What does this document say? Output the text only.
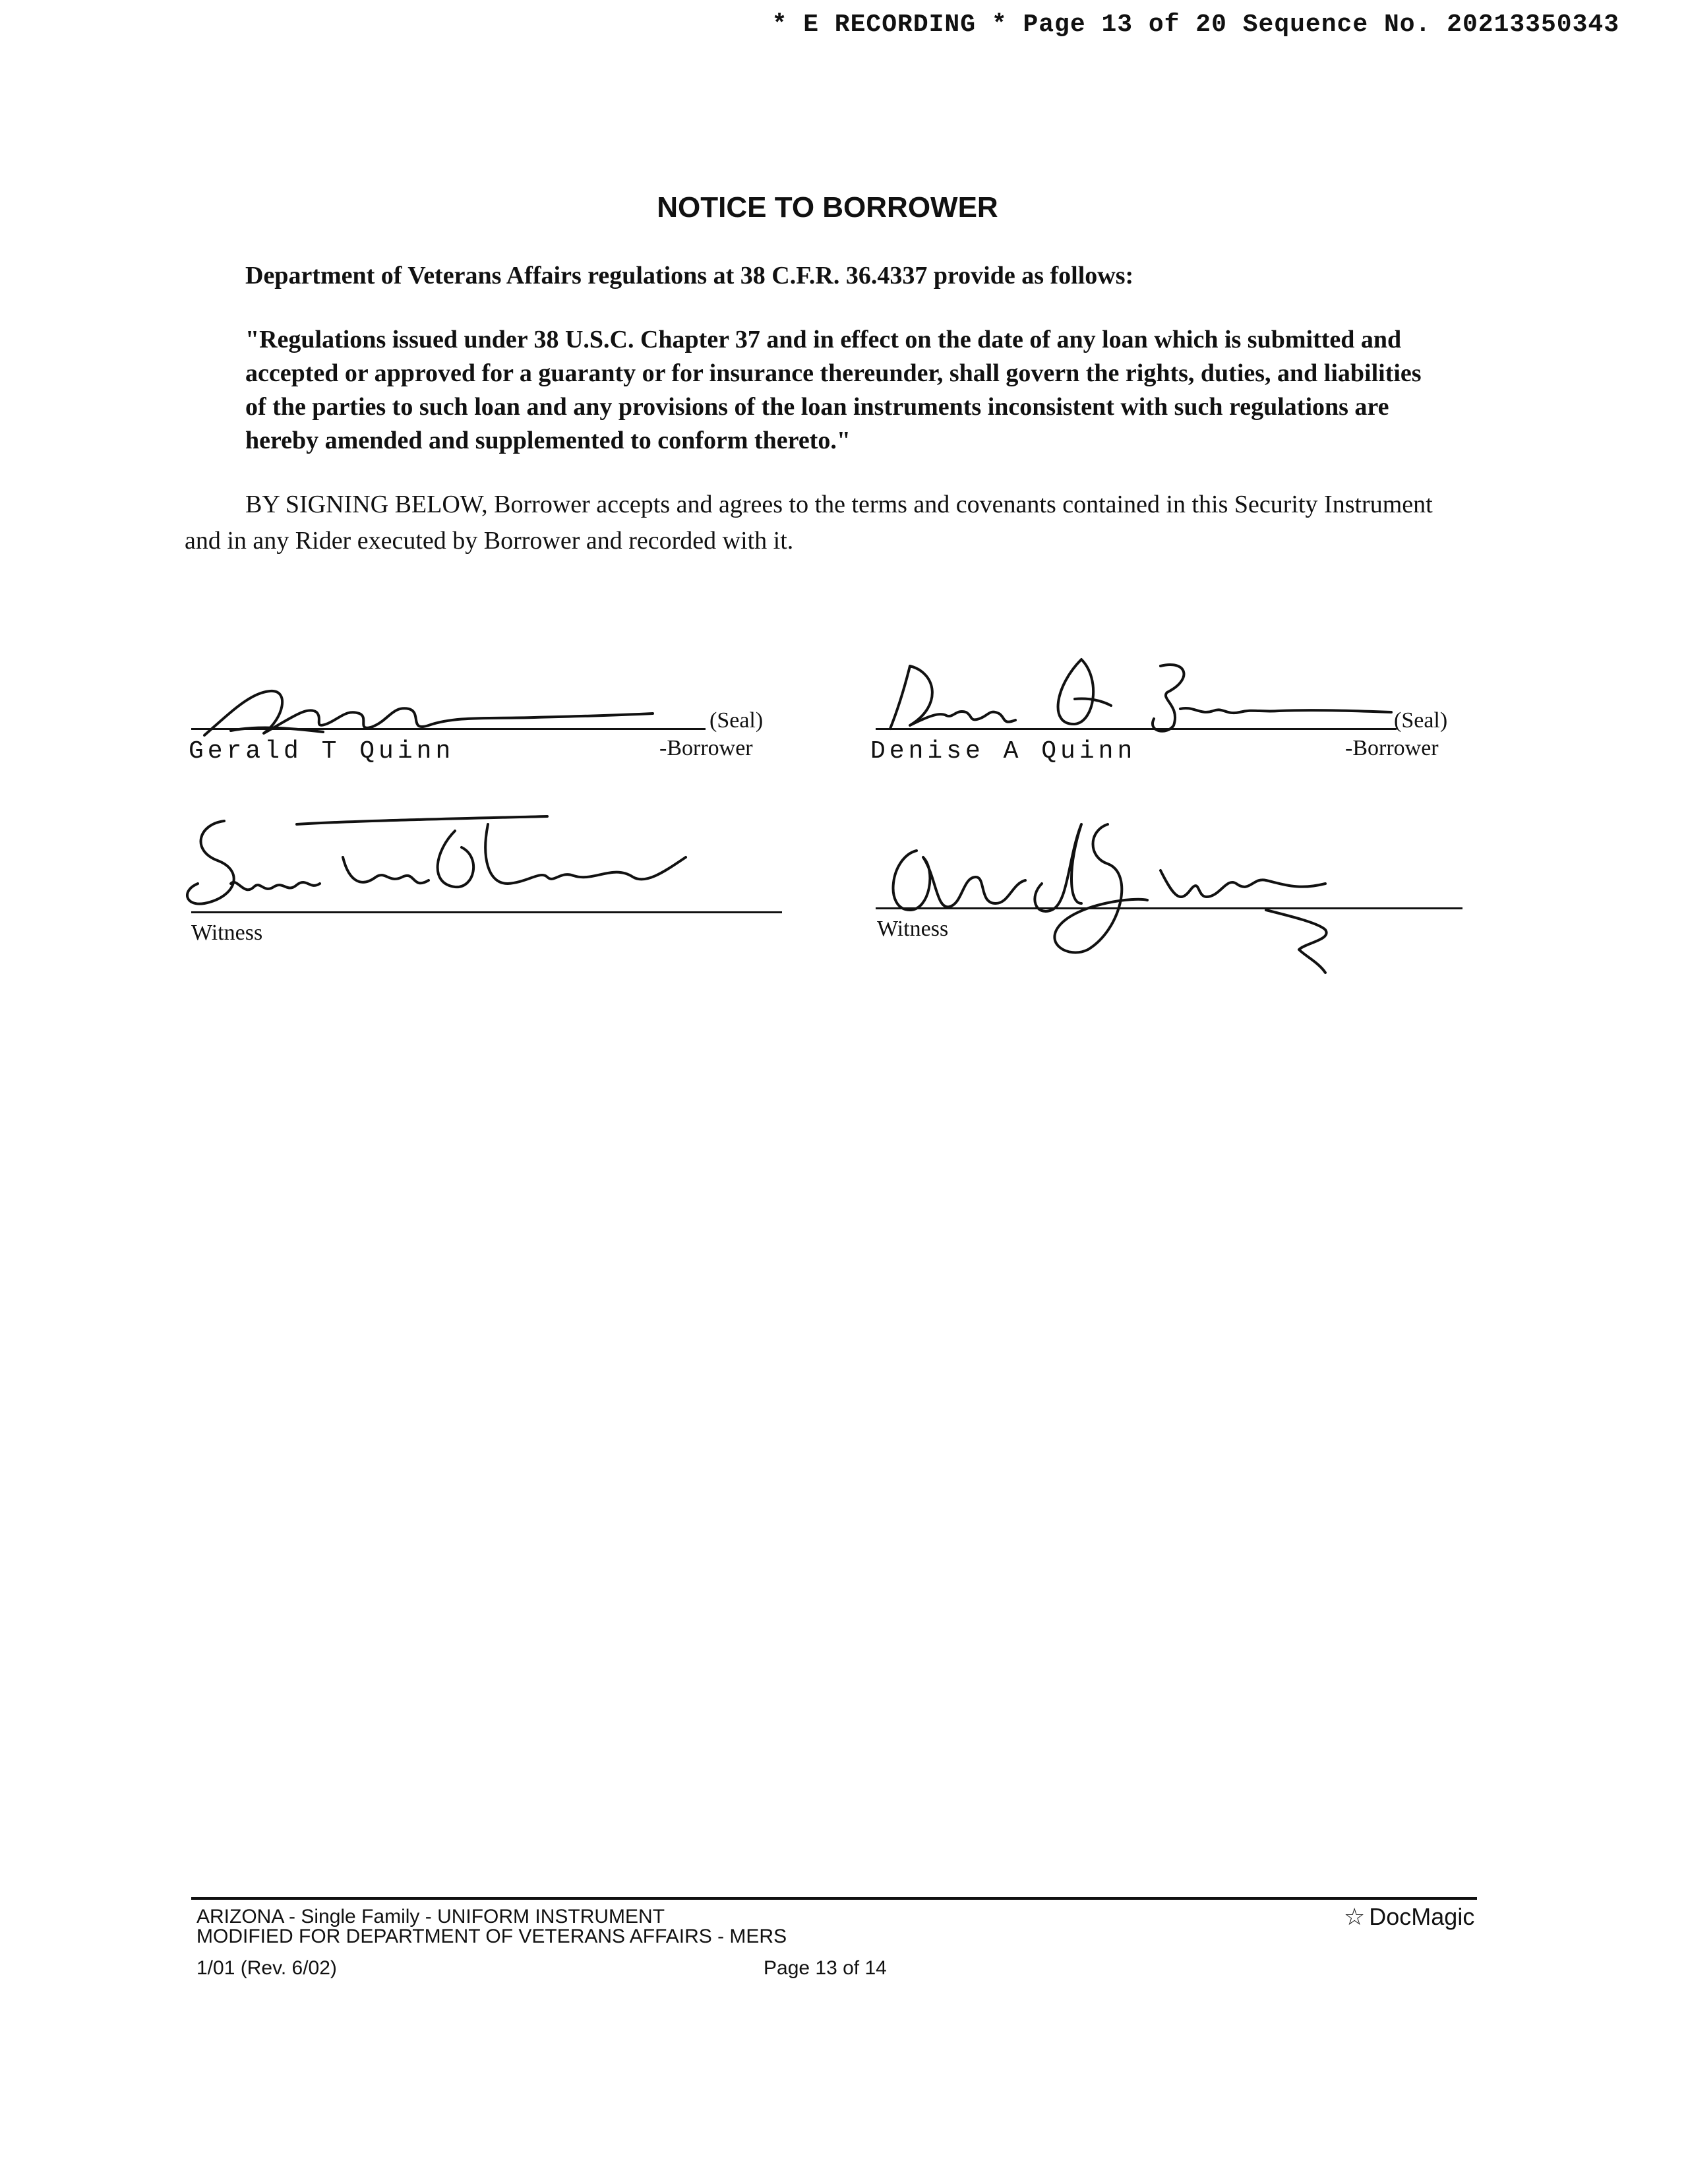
* E RECORDING * Page 13 of 20 Sequence No. 20213350343
NOTICE TO BORROWER
Department of Veterans Affairs regulations at 38 C.F.R. 36.4337 provide as follows:
"Regulations issued under 38 U.S.C. Chapter 37 and in effect on the date of any loan which is submitted and accepted or approved for a guaranty or for insurance thereunder, shall govern the rights, duties, and liabilities of the parties to such loan and any provisions of the loan instruments inconsistent with such regulations are hereby amended and supplemented to conform thereto."
BY SIGNING BELOW, Borrower accepts and agrees to the terms and covenants contained in this Security Instrument and in any Rider executed by Borrower and recorded with it.
(Seal)
Gerald T Quinn	-Borrower
(Seal)
Denise A Quinn	-Borrower
Witness	Witness
ARIZONA - Single Family - UNIFORM INSTRUMENT
MODIFIED FOR DEPARTMENT OF VETERANS AFFAIRS - MERS
1/01 (Rev. 6/02)	Page 13 of 14
☆ DocMagic
